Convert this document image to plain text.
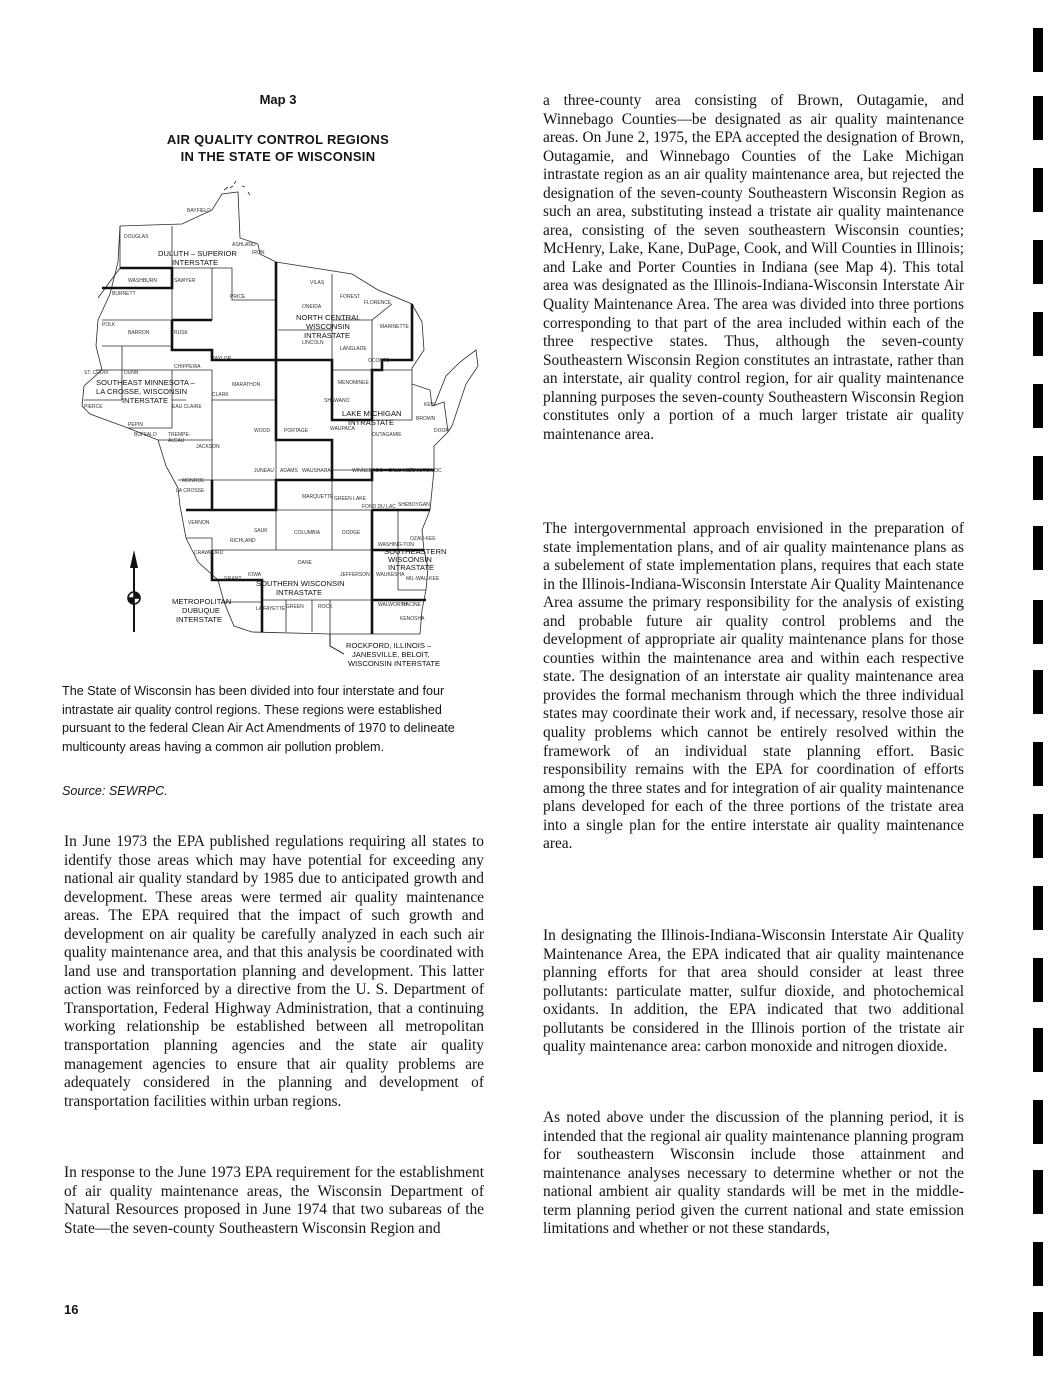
Map 3

AIR QUALITY CONTROL REGIONS
IN THE STATE OF WISCONSIN

BAYFIELD
DOUGLAS
ASHLAND
IRON
WASHBURN	SAWYER
BURNETT	PRICE
VILAS
FOREST
FLORENCE
ONEIDA
MARINETTE
POLK
BARRON	RUSK
LINCOLN
LANGLADE
OCONTO
TAYLOR
CHIPPEWA
ST. CROIX	DUNN
MARATHON	MENOMINEE
SHAWANO
PIERCE	EAU CLAIRE
CLARK
PEPIN
BUFFALO TREMPE-
ALEAU
JACKSON
WOOD	PORTAGE	WAUPACA
OUTAGAMIE
BROWN
KEW.
DOOR
JUNEAU ADAMS WAUSHARA	WINNEBAGO CALU-MET
MANITOWOC
MONROE
LA CROSSE
MARQUETTE GREEN LAKE
FOND DU LAC SHEBOYGAN
VERNON
SAUK	COLUMBIA	DODGE
RICHLAND
WASHING-TON
OZAU-KEE
CRAWFORD
DANE
JEFFERSON WAUKESHA
MIL-WAU-KEE
GRANT
IOWA
LA FAYETTE GREEN	ROCK	WALWORTH
RACINE
KENOSHA
DULUTH – SUPERIOR
INTERSTATE
NORTH CENTRAL
WISCONSIN
INTRASTATE
SOUTHEAST MINNESOTA –
LA CROSSE, WISCONSIN
INTERSTATE
LAKE MICHIGAN
INTRASTATE
SOUTHEASTERN
WISCONSIN
INTRASTATE
SOUTHERN WISCONSIN
INTRASTATE
METROPOLITAN
DUBUQUE
INTERSTATE
ROCKFORD, ILLINOIS –
JANESVILLE, BELOIT,
WISCONSIN INTERSTATE

The State of Wisconsin has been divided into four interstate and four intrastate air quality control regions. These regions were established pursuant to the federal Clean Air Act Amendments of 1970 to delineate multicounty areas having a common air pollution problem.

Source: SEWRPC.

In June 1973 the EPA published regulations requiring all states to identify those areas which may have potential for exceeding any national air quality standard by 1985 due to anticipated growth and development. These areas were termed air quality maintenance areas. The EPA required that the impact of such growth and development on air quality be carefully analyzed in each such air quality maintenance area, and that this analysis be coordinated with land use and transportation planning and development. This latter action was reinforced by a directive from the U. S. Department of Transportation, Federal Highway Administration, that a continuing working relationship be established between all metropolitan transportation planning agencies and the state air quality management agencies to ensure that air quality problems are adequately considered in the planning and development of transportation facilities within urban regions.

In response to the June 1973 EPA requirement for the establishment of air quality maintenance areas, the Wisconsin Department of Natural Resources proposed in June 1974 that two subareas of the State—the seven-county Southeastern Wisconsin Region and

a three-county area consisting of Brown, Outagamie, and Winnebago Counties—be designated as air quality maintenance areas. On June 2, 1975, the EPA accepted the designation of Brown, Outagamie, and Winnebago Counties of the Lake Michigan intrastate region as an air quality maintenance area, but rejected the designation of the seven-county Southeastern Wisconsin Region as such an area, substituting instead a tristate air quality maintenance area, consisting of the seven southeastern Wisconsin counties; McHenry, Lake, Kane, DuPage, Cook, and Will Counties in Illinois; and Lake and Porter Counties in Indiana (see Map 4). This total area was designated as the Illinois-Indiana-Wisconsin Interstate Air Quality Maintenance Area. The area was divided into three portions corresponding to that part of the area included within each of the three respective states. Thus, although the seven-county Southeastern Wisconsin Region constitutes an intrastate, rather than an interstate, air quality control region, for air quality maintenance planning purposes the seven-county Southeastern Wisconsin Region constitutes only a portion of a much larger tristate air quality maintenance area.

The intergovernmental approach envisioned in the preparation of state implementation plans, and of air quality maintenance plans as a subelement of state implementation plans, requires that each state in the Illinois-Indiana-Wisconsin Interstate Air Quality Maintenance Area assume the primary responsibility for the analysis of existing and probable future air quality control problems and the development of appropriate air quality maintenance plans for those counties within the maintenance area and within each respective state. The designation of an interstate air quality maintenance area provides the formal mechanism through which the three individual states may coordinate their work and, if necessary, resolve those air quality problems which cannot be entirely resolved within the framework of an individual state planning effort. Basic responsibility remains with the EPA for coordination of efforts among the three states and for integration of air quality maintenance plans developed for each of the three portions of the tristate area into a single plan for the entire interstate air quality maintenance area.

In designating the Illinois-Indiana-Wisconsin Interstate Air Quality Maintenance Area, the EPA indicated that air quality maintenance planning efforts for that area should consider at least three pollutants: particulate matter, sulfur dioxide, and photochemical oxidants. In addition, the EPA indicated that two additional pollutants be considered in the Illinois portion of the tristate air quality maintenance area: carbon monoxide and nitrogen dioxide.

As noted above under the discussion of the planning period, it is intended that the regional air quality maintenance planning program for southeastern Wisconsin include those attainment and maintenance analyses necessary to determine whether or not the national ambient air quality standards will be met in the middle-term planning period given the current national and state emission limitations and whether or not these standards,

16
